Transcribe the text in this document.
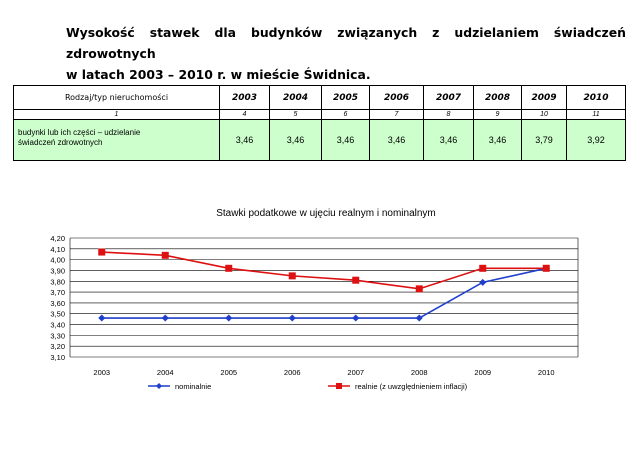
Wysokość stawek dla budynków związanych z udzielaniem świadczeń zdrowotnych
w latach 2003 – 2010 r. w mieście Świdnica.
Rodzaj/typ nieruchomości	2003	2004	2005	2006	2007	2008	2009	2010
1	4	5	6	7	8	9	10	11
budynki lub ich części – udzielanie
świadczeń zdrowotnych	3,46	3,46	3,46	3,46	3,46	3,46	3,79	3,92
Stawki podatkowe w ujęciu realnym i nominalnym
3,10
3,20
3,30
3,40
3,50
3,60
3,70
3,80
3,90
4,00
4,10
4,20
2003	2004	2005	2006	2007	2008	2009	2010
nominalnie	realnie (z uwzględnieniem inflacji)
